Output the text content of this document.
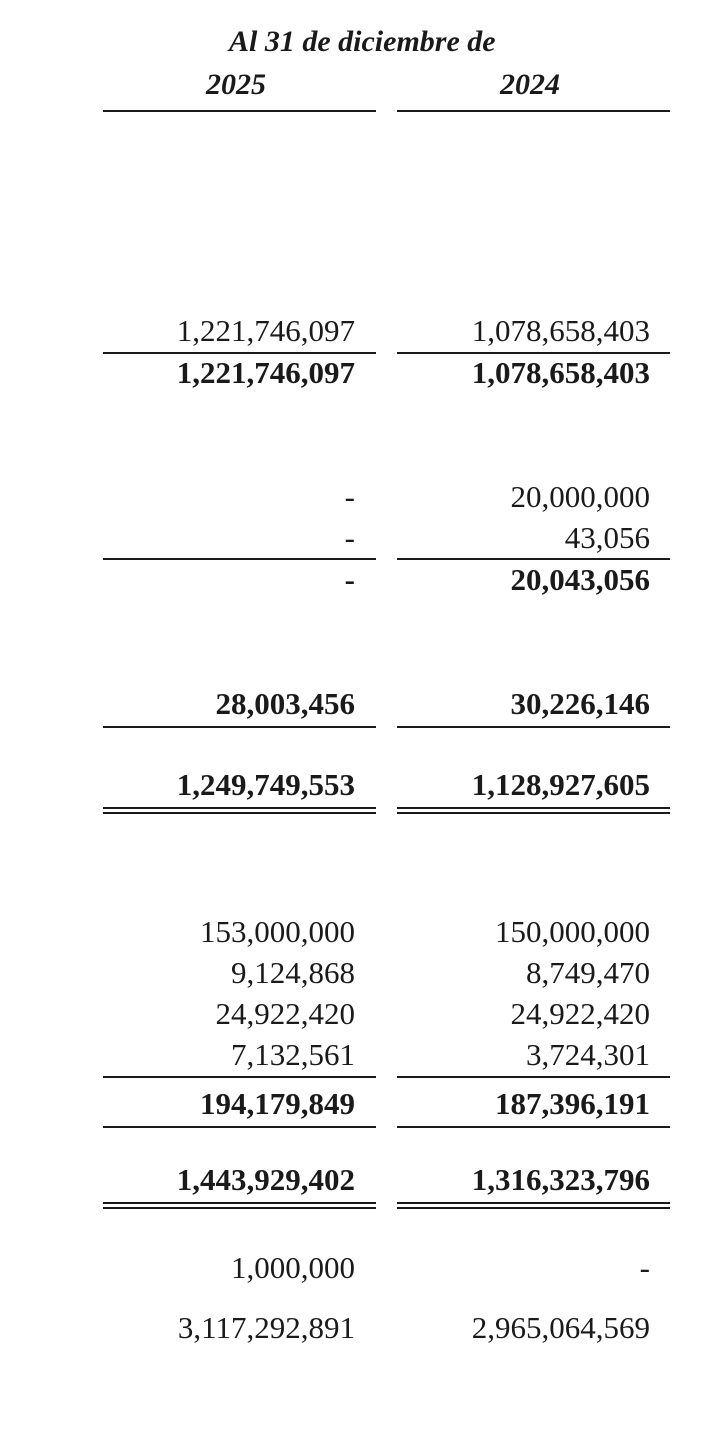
Al 31 de diciembre de
2025	2024
1,221,746,097	1,078,658,403
1,221,746,097	1,078,658,403
-	20,000,000
-	43,056
-	20,043,056
28,003,456	30,226,146
1,249,749,553	1,128,927,605
153,000,000	150,000,000
9,124,868	8,749,470
24,922,420	24,922,420
7,132,561	3,724,301
194,179,849	187,396,191
1,443,929,402	1,316,323,796
1,000,000	-
3,117,292,891	2,965,064,569
